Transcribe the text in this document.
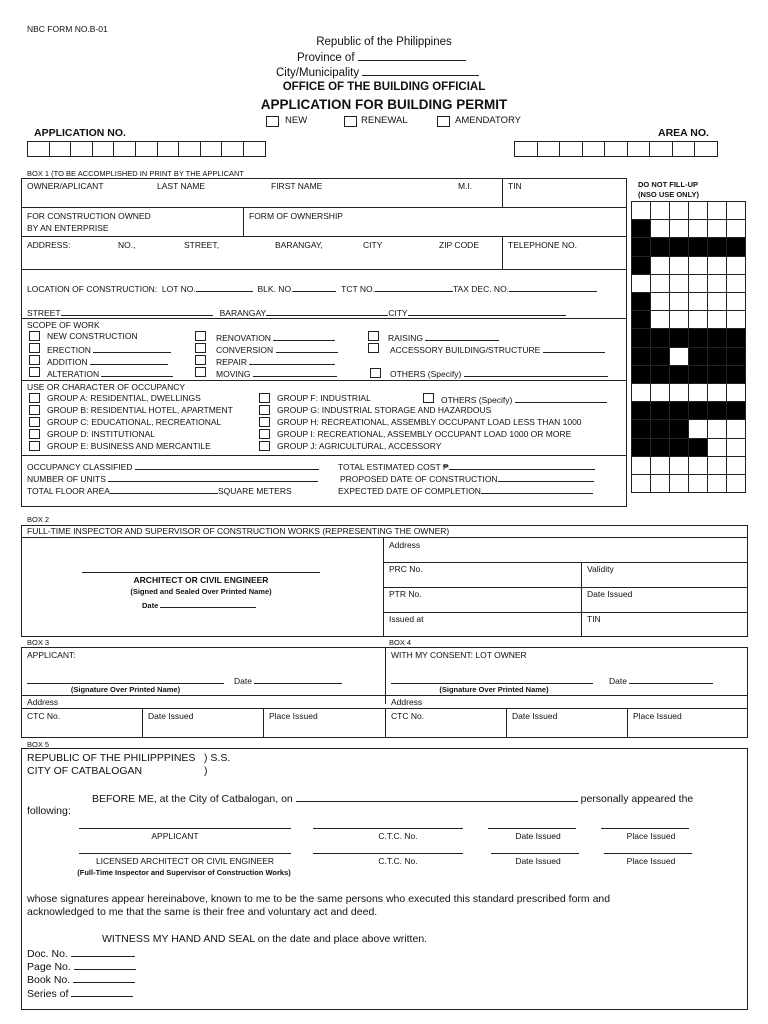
NBC FORM NO.B-01
Republic of the Philippines
Province of
City/Municipality
OFFICE OF THE BUILDING OFFICIAL
APPLICATION FOR BUILDING PERMIT
NEW	RENEWAL	AMENDATORY
APPLICATION NO.	AREA NO.
BOX 1 (TO BE ACCOMPLISHED IN PRINT BY THE APPLICANT
OWNER/APLICANT	LAST NAME	FIRST NAME	M.I.	TIN
FOR CONSTRUCTION OWNED
BY AN ENTERPRISE
FORM OF OWNERSHIP
ADDRESS:	NO.,	STREET,	BARANGAY,	CITY	ZIP CODE	TELEPHONE NO.
LOCATION OF CONSTRUCTION: LOT NO.	BLK. NO.	TCT NO.	TAX DEC. NO.
STREET	BARANGAY	CITY
SCOPE OF WORK
NEW CONSTRUCTION
ERECTION
ADDITION
ALTERATION
RENOVATION
CONVERSION
REPAIR
MOVING
RAISING
ACCESSORY BUILDING/STRUCTURE
OTHERS (Specify)
USE OR CHARACTER OF OCCUPANCY
GROUP A: RESIDENTIAL, DWELLINGS
GROUP B: RESIDENTIAL HOTEL, APARTMENT
GROUP C: EDUCATIONAL, RECREATIONAL
GROUP D: INSTITUTIONAL
GROUP E: BUSINESS AND MERCANTILE
GROUP F: INDUSTRIAL	OTHERS (Specify)
GROUP G: INDUSTRIAL STORAGE AND HAZARDOUS
GROUP H: RECREATIONAL, ASSEMBLY OCCUPANT LOAD LESS THAN 1000
GROUP I: RECREATIONAL, ASSEMBLY OCCUPANT LOAD 1000 OR MORE
GROUP J: AGRICULTURAL, ACCESSORY
OCCUPANCY CLASSIFIED
NUMBER OF UNITS
TOTAL FLOOR AREA	SQUARE METERS
TOTAL ESTIMATED COST ₱
PROPOSED DATE OF CONSTRUCTION
EXPECTED DATE OF COMPLETION
DO NOT FILL-UP
(NSO USE ONLY)
BOX 2
FULL-TIME INSPECTOR AND SUPERVISOR OF CONSTRUCTION WORKS (REPRESENTING THE OWNER)
ARCHITECT OR CIVIL ENGINEER
(Signed and Sealed Over Printed Name)
Date
Address
PRC No.	Validity
PTR No.	Date Issued
Issued at	TIN
BOX 3	BOX 4
APPLICANT:
Date
(Signature Over Printed Name)
WITH MY CONSENT: LOT OWNER
Date
(Signature Over Printed Name)
Address	Address
CTC No.	Date Issued	Place Issued	CTC No.	Date Issued	Place Issued
BOX 5
REPUBLIC OF THE PHILIPPPINES ) S.S.
CITY OF CATBALOGAN	)
BEFORE ME, at the City of Catbalogan, on	personally appeared the
following:
APPLICANT	C.T.C. No.	Date Issued	Place Issued
LICENSED ARCHITECT OR CIVIL ENGINEER	C.T.C. No.	Date Issued	Place Issued
(Full-Time Inspector and Supervisor of Construction Works)
whose signatures appear hereinabove, known to me to be the same persons who executed this standard prescribed form and
acknowledged to me that the same is their free and voluntary act and deed.
WITNESS MY HAND AND SEAL on the date and place above written.
Doc. No.
Page No.
Book No.
Series of
